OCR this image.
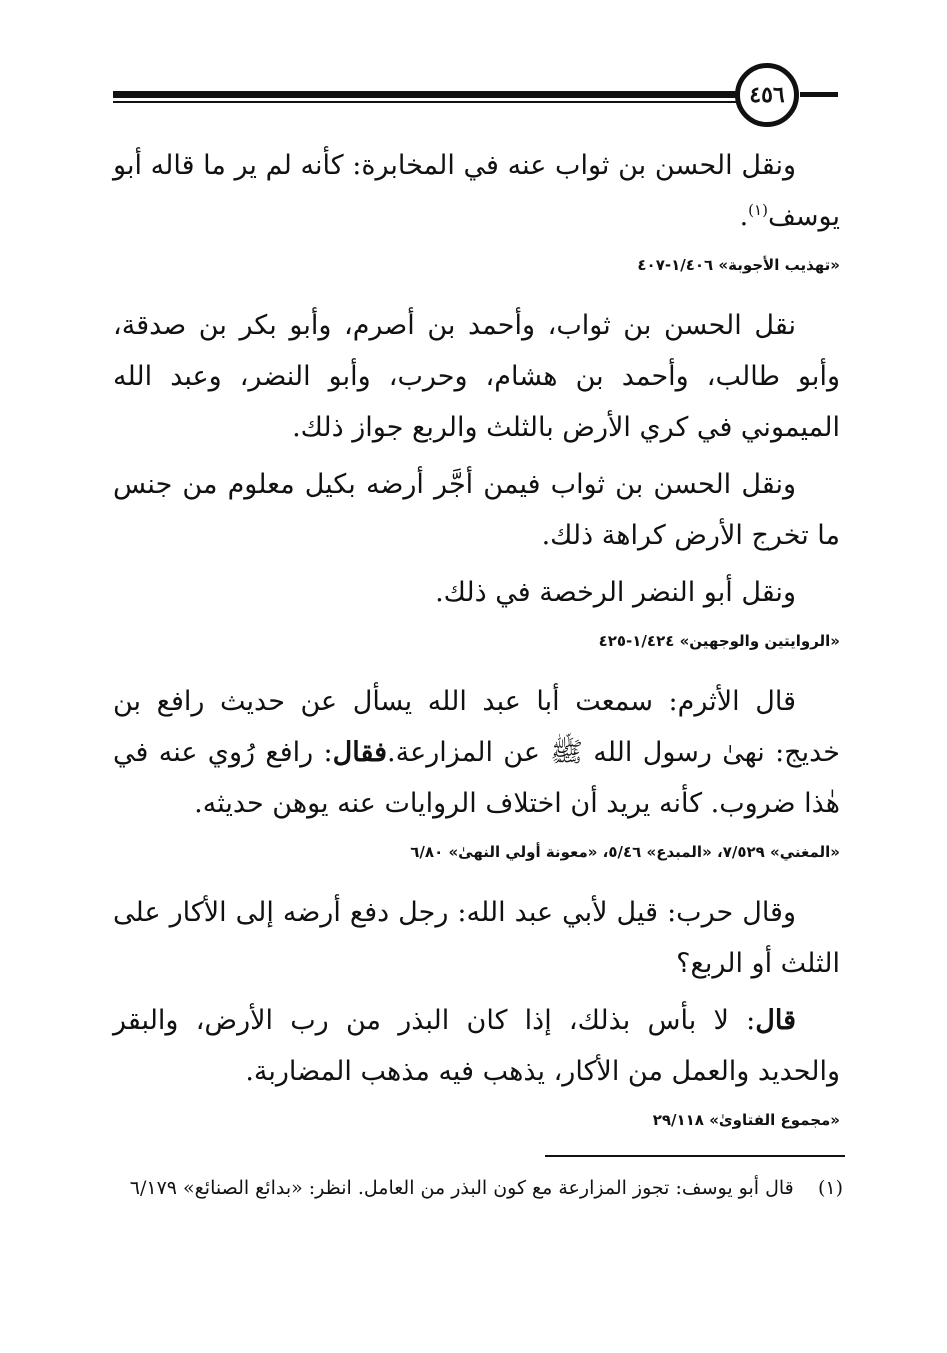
٤٥٦

ونقل الحسن بن ثواب عنه في المخابرة: كأنه لم ير ما قاله أبو يوسف$^{(١)}$.

«تهذيب الأجوبة» ١/٤٠٦-٤٠٧

نقل الحسن بن ثواب، وأحمد بن أصرم، وأبو بكر بن صدقة، وأبو طالب، وأحمد بن هشام، وحرب، وأبو النضر، وعبد الله الميموني في كري الأرض بالثلث والربع جواز ذلك.

ونقل الحسن بن ثواب فيمن أجَّر أرضه بكيل معلوم من جنس ما تخرج الأرض كراهة ذلك.

ونقل أبو النضر الرخصة في ذلك.

«الروايتين والوجهين» ١/٤٢٤-٤٢٥

قال الأثرم: سمعت أبا عبد الله يسأل عن حديث رافع بن خديج: نهىٰ رسول الله ﷺ عن المزارعة.فقال: رافع رُوي عنه في هٰذا ضروب. كأنه يريد أن اختلاف الروايات عنه يوهن حديثه.

«المغني» ٧/٥٢٩، «المبدع» ٥/٤٦، «معونة أولي النهىٰ» ٦/٨٠

وقال حرب: قيل لأبي عبد الله: رجل دفع أرضه إلى الأكار على الثلث أو الربع؟

قال: لا بأس بذلك، إذا كان البذر من رب الأرض، والبقر والحديد والعمل من الأكار، يذهب فيه مذهب المضاربة.

«مجموع الفتاوىٰ» ٢٩/١١٨

(١)    قال أبو يوسف: تجوز المزارعة مع كون البذر من العامل. انظر: «بدائع الصنائع» ٦/١٧٩
